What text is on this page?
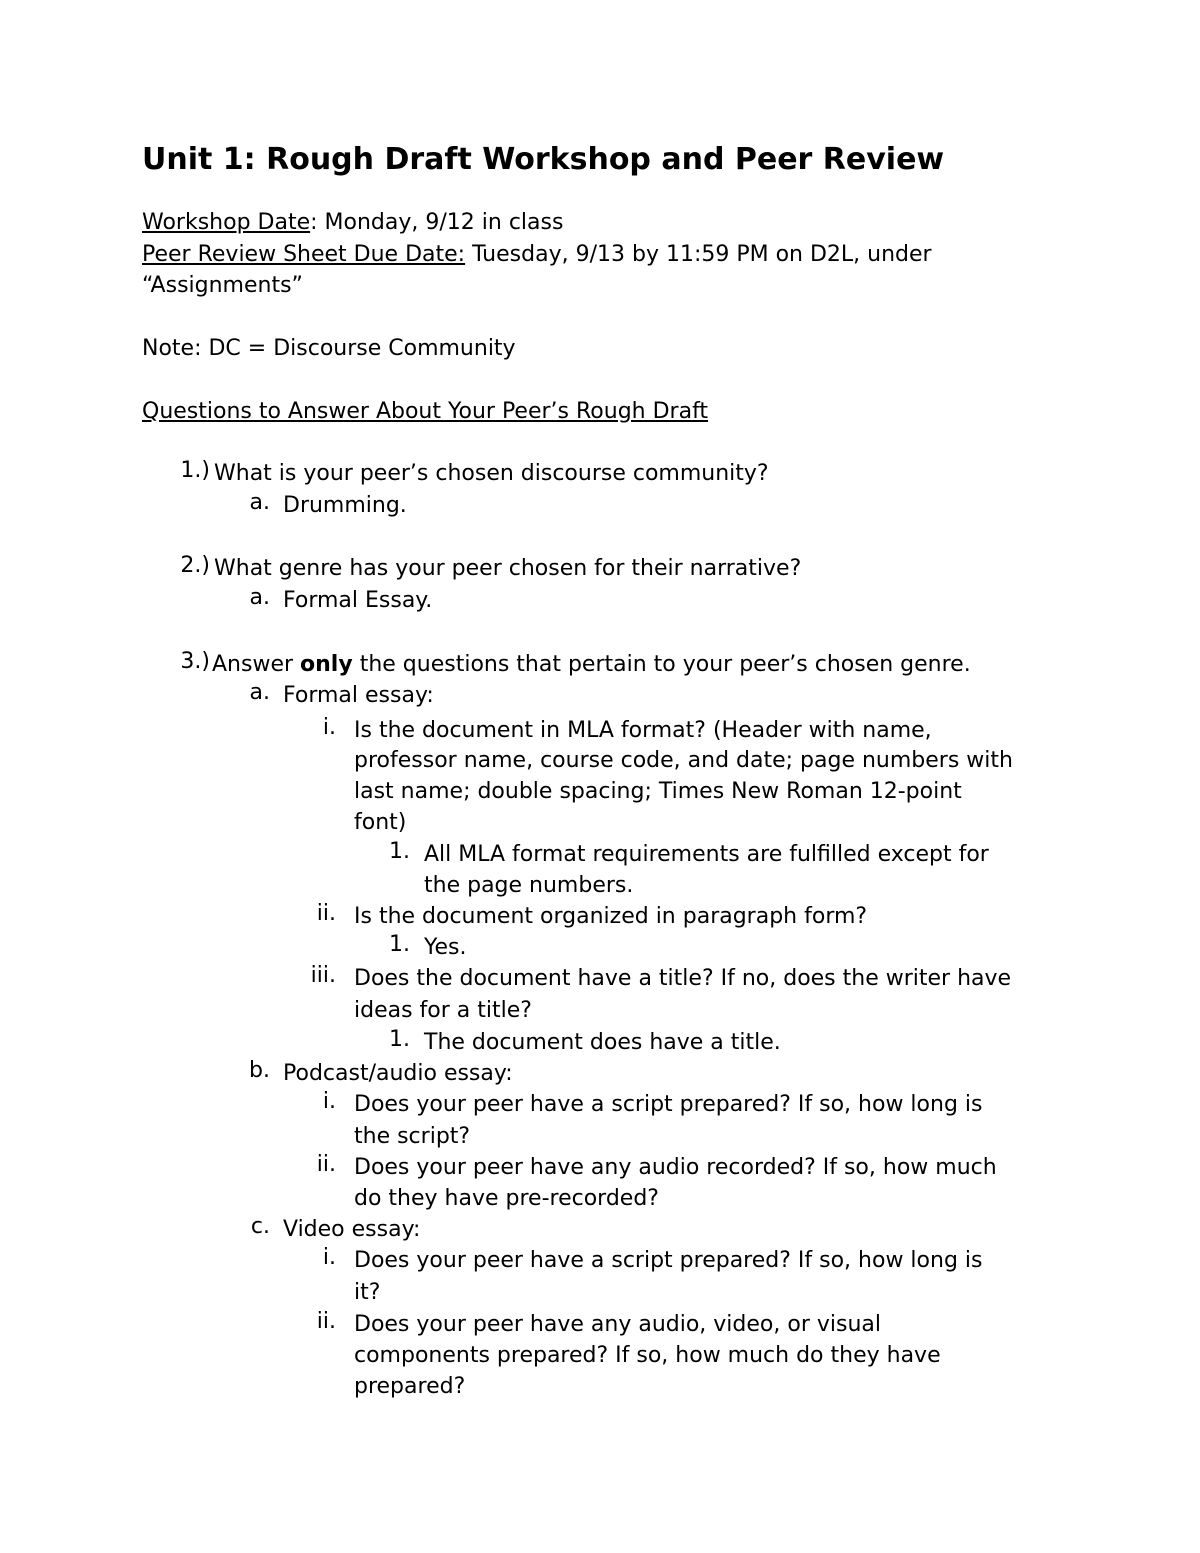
Unit 1: Rough Draft Workshop and Peer Review
Workshop Date: Monday, 9/12 in class
Peer Review Sheet Due Date: Tuesday, 9/13 by 11:59 PM on D2L, under
“Assignments”
Note: DC = Discourse Community
Questions to Answer About Your Peer’s Rough Draft
1.) What is your peer’s chosen discourse community?
a. Drumming.
2.) What genre has your peer chosen for their narrative?
a. Formal Essay.
3.) Answer only the questions that pertain to your peer’s chosen genre.
a. Formal essay:
i. Is the document in MLA format? (Header with name,
professor name, course code, and date; page numbers with
last name; double spacing; Times New Roman 12-point
font)
1. All MLA format requirements are fulfilled except for
the page numbers.
ii. Is the document organized in paragraph form?
1. Yes.
iii. Does the document have a title? If no, does the writer have
ideas for a title?
1. The document does have a title.
b. Podcast/audio essay:
i. Does your peer have a script prepared? If so, how long is
the script?
ii. Does your peer have any audio recorded? If so, how much
do they have pre-recorded?
c. Video essay:
i. Does your peer have a script prepared? If so, how long is
it?
ii. Does your peer have any audio, video, or visual
components prepared? If so, how much do they have
prepared?
